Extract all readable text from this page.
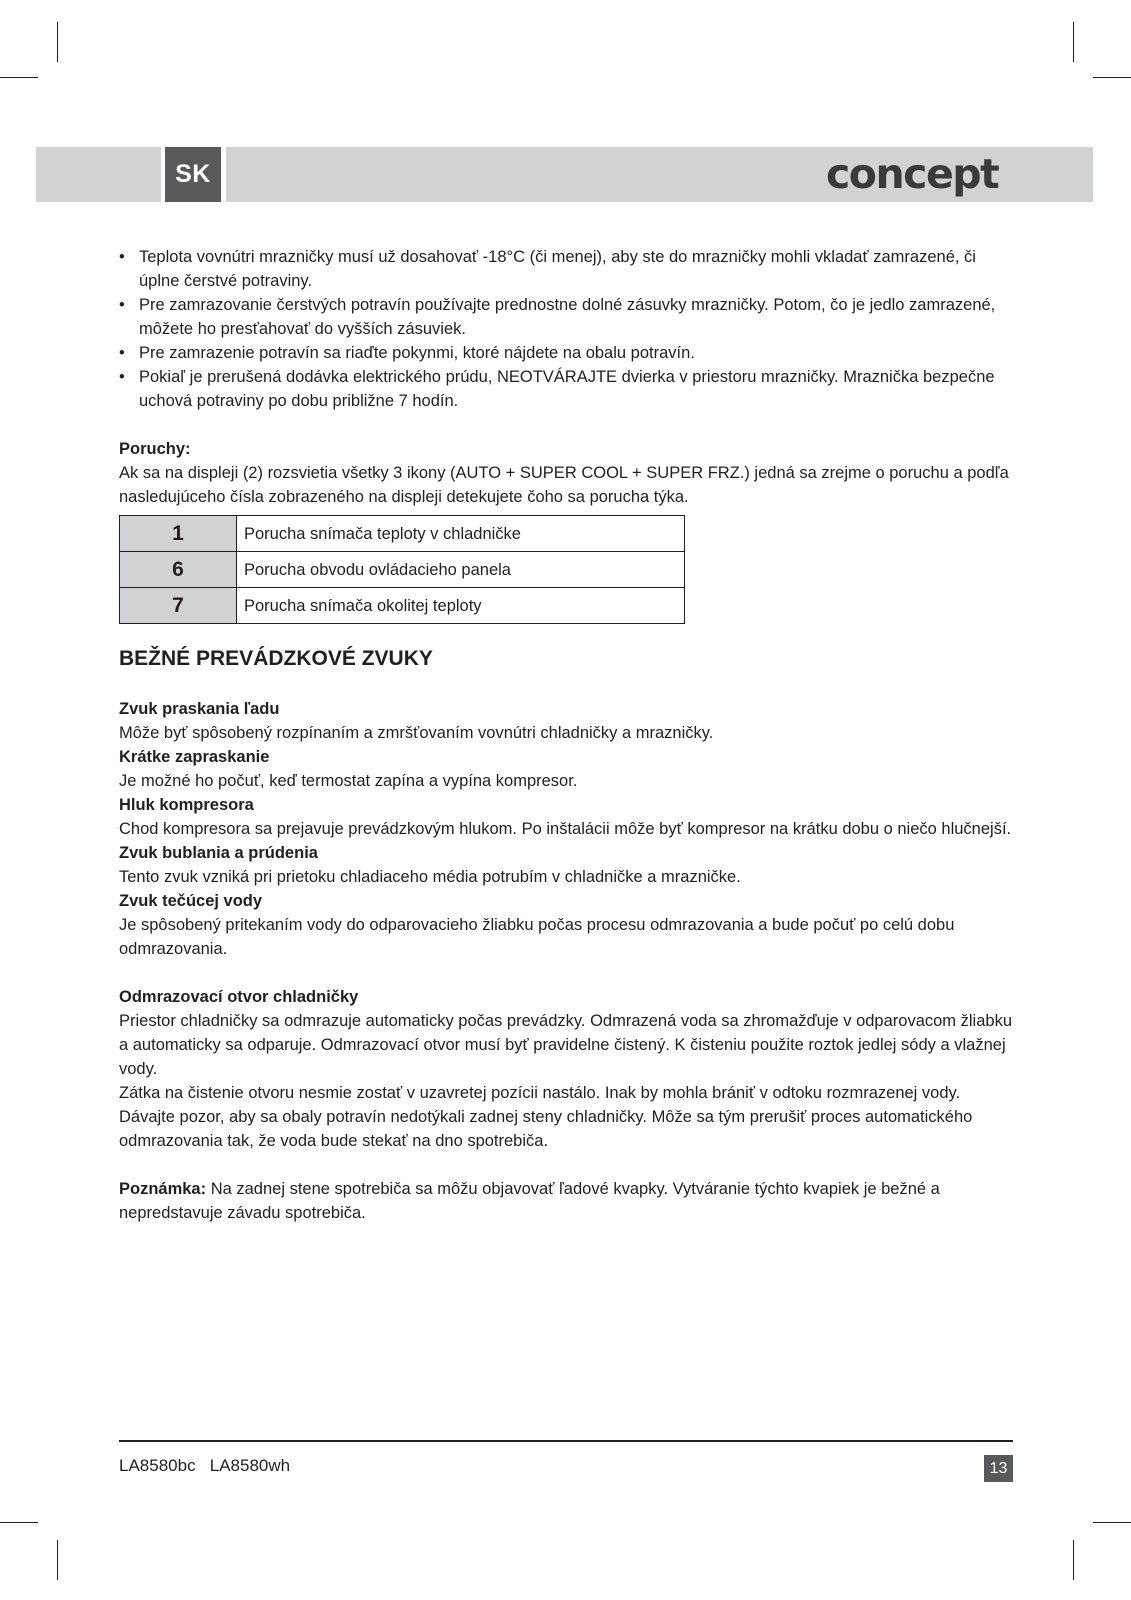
SK	concept
• Teplota vovnútri mrazničky musí už dosahovať -18°C (či menej), aby ste do mrazničky mohli vkladať zamrazené, či úplne čerstvé potraviny.
• Pre zamrazovanie čerstvých potravín používajte prednostne dolné zásuvky mrazničky. Potom, čo je jedlo zamrazené, môžete ho presťahovať do vyšších zásuviek.
• Pre zamrazenie potravín sa riaďte pokynmi, ktoré nájdete na obalu potravín.
• Pokiaľ je prerušená dodávka elektrického prúdu, NEOTVÁRAJTE dvierka v priestoru mrazničky. Mraznička bezpečne uchová potraviny po dobu približne 7 hodín.

Poruchy:

Ak sa na displeji (2) rozsvietia všetky 3 ikony (AUTO + SUPER COOL + SUPER FRZ.) jedná sa zrejme o poruchu a podľa nasledujúceho čísla zobrazeného na displeji detekujete čoho sa porucha týka.

1	Porucha snímača teploty v chladničke
6	Porucha obvodu ovládacieho panela
7	Porucha snímača okolitej teploty
BEŽNÉ PREVÁDZKOVÉ ZVUKY

Zvuk praskania ľadu

Môže byť spôsobený rozpínaním a zmršťovaním vovnútri chladničky a mrazničky.

Krátke zapraskanie

Je možné ho počuť, keď termostat zapína a vypína kompresor.

Hluk kompresora

Chod kompresora sa prejavuje prevádzkovým hlukom. Po inštalácii môže byť kompresor na krátku dobu o niečo hlučnejší.

Zvuk bublania a prúdenia

Tento zvuk vzniká pri prietoku chladiaceho média potrubím v chladničke a mrazničke.

Zvuk tečúcej vody

Je spôsobený pritekaním vody do odparovacieho žliabku počas procesu odmrazovania a bude počuť po celú dobu odmrazovania.

Odmrazovací otvor chladničky

Priestor chladničky sa odmrazuje automaticky počas prevádzky. Odmrazená voda sa zhromažďuje v odparovacom žliabku a automaticky sa odparuje. Odmrazovací otvor musí byť pravidelne čistený. K čisteniu použite roztok jedlej sódy a vlažnej vody.

Zátka na čistenie otvoru nesmie zostať v uzavretej pozícii nastálo. Inak by mohla brániť v odtoku rozmrazenej vody. Dávajte pozor, aby sa obaly potravín nedotýkali zadnej steny chladničky. Môže sa tým prerušiť proces automatického odmrazovania tak, že voda bude stekať na dno spotrebiča.

Poznámka: Na zadnej stene spotrebiča sa môžu objavovať ľadové kvapky. Vytváranie týchto kvapiek je bežné a nepredstavuje závadu spotrebiča.

LA8580bc   LA8580wh	13
